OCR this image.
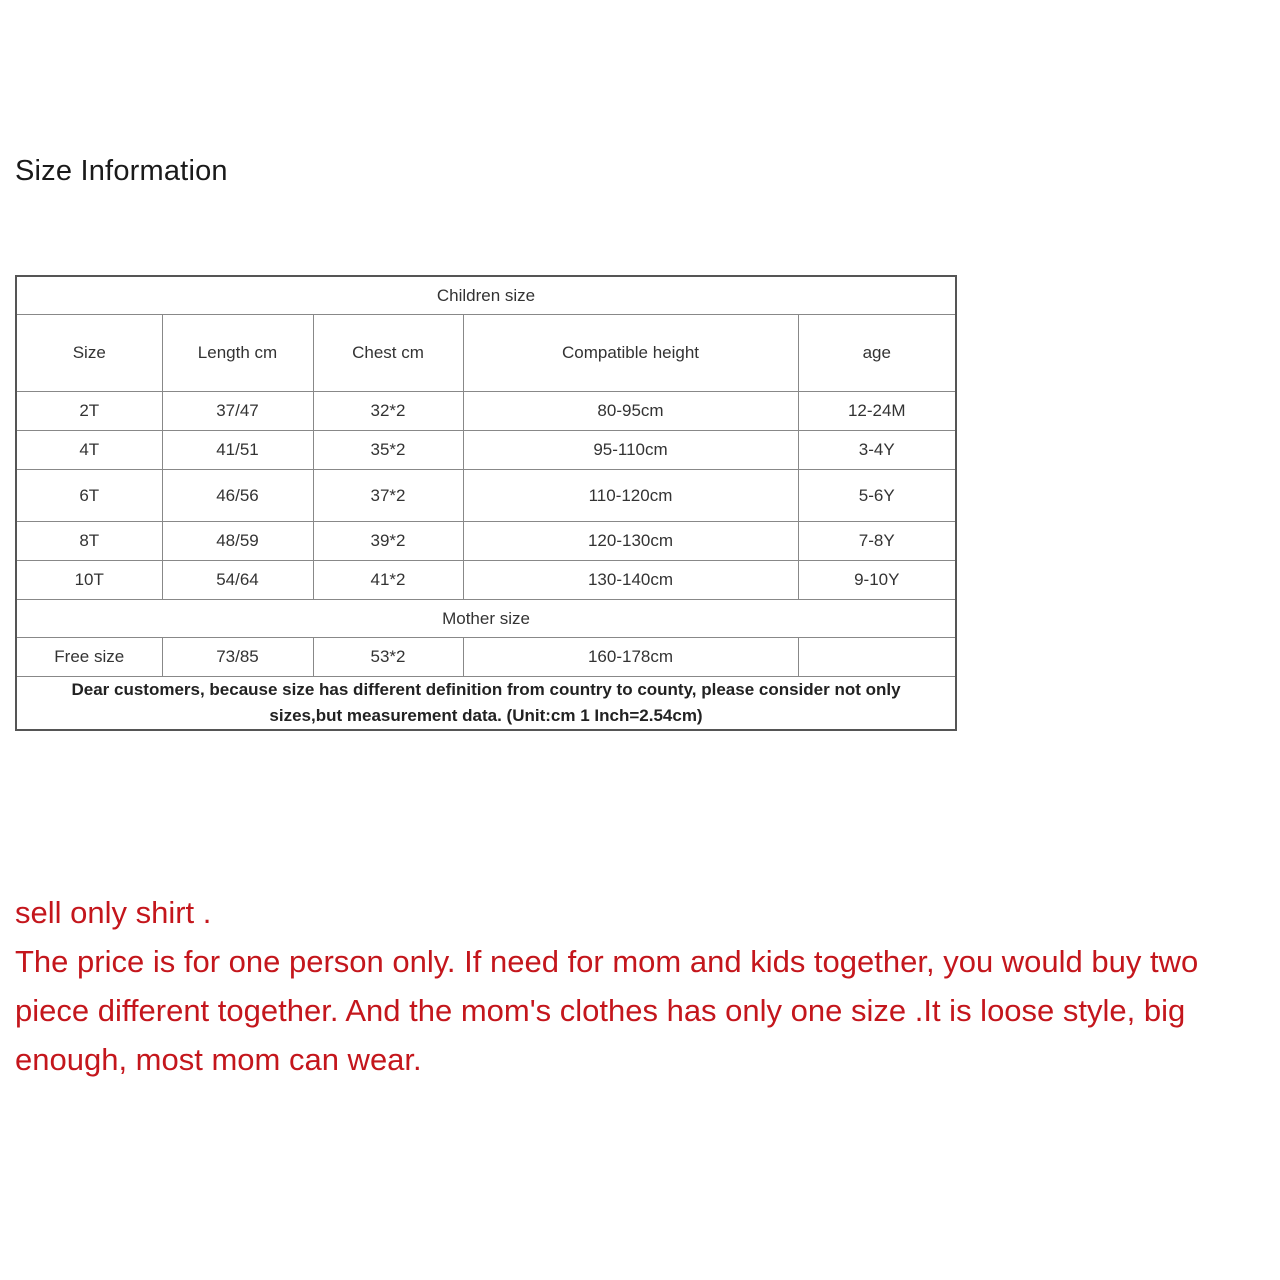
Size Information
Children size				
Size	Length cm	Chest cm	Compatible height	age
2T	37/47	32*2	80-95cm	12-24M
4T	41/51	35*2	95-110cm	3-4Y
6T	46/56	37*2	110-120cm	5-6Y
8T	48/59	39*2	120-130cm	7-8Y
10T	54/64	41*2	130-140cm	9-10Y
Mother size				
Free size	73/85	53*2	160-178cm	
Dear customers, because size has different definition from country to county, please consider not only sizes,but measurement data. (Unit:cm 1 Inch=2.54cm)				

sell only shirt .

The price is for one person only. If need for mom and kids together, you would buy two piece different together. And the mom's clothes has only one size .It is loose style, big enough, most mom can wear.
